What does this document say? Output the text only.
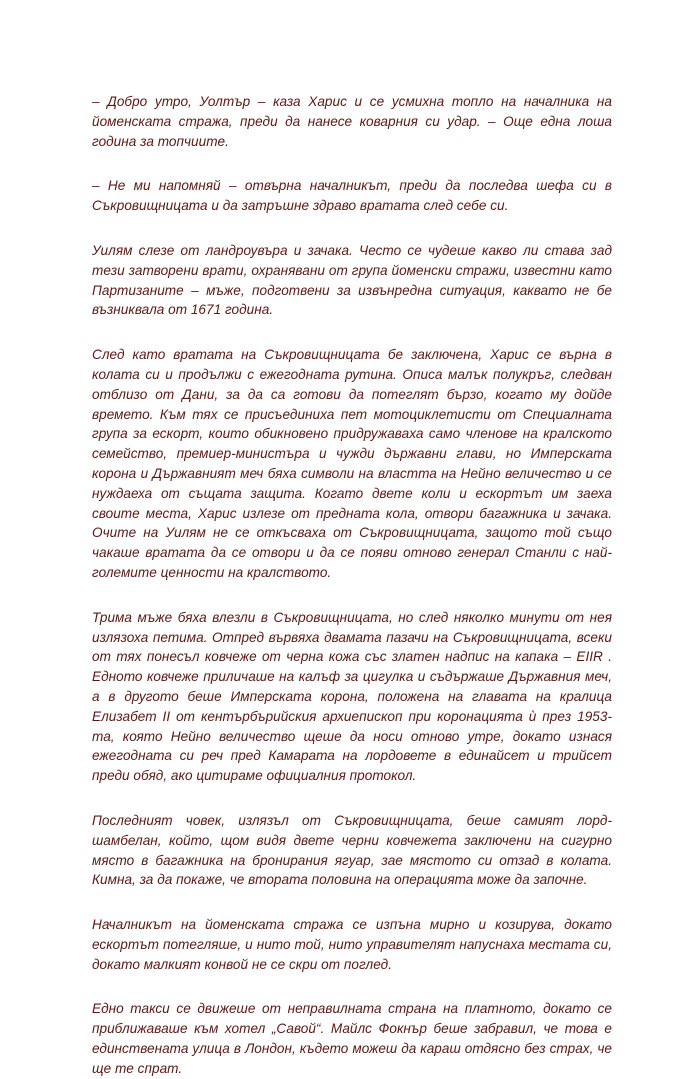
– Добро утро, Уолтър – каза Харис и се усмихна топло на началника на йоменската стража, преди да нанесе коварния си удар. – Още една лоша година за топчиите.

– Не ми напомняй – отвърна началникът, преди да последва шефа си в Съкровищницата и да затръшне здраво вратата след себе си.

Уилям слезе от ландроувъра и зачака. Често се чудеше какво ли става зад тези затворени врати, охранявани от група йоменски стражи, известни като Партизаните – мъже, подготвени за извънредна ситуация, каквато не бе възниквала от 1671 година.

След като вратата на Съкровищницата бе заключена, Харис се върна в колата си и продължи с ежегодната рутина. Описа малък полукръг, следван отблизо от Дани, за да са готови да потеглят бързо, когато му дойде времето. Към тях се присъединиха пет мотоциклетисти от Специалната група за ескорт, които обикновено придружаваха само членове на кралското семейство, премиер-министъра и чужди държавни глави, но Имперската корона и Държавният меч бяха символи на властта на Нейно величество и се нуждаеха от същата защита. Когато двете коли и ескортът им заеха своите места, Харис излезе от предната кола, отвори багажника и зачака. Очите на Уилям не се откъсваха от Съкровищницата, защото той също чакаше вратата да се отвори и да се появи отново генерал Станли с най-големите ценности на кралството.

Трима мъже бяха влезли в Съкровищницата, но след няколко минути от нея излязоха петима. Отпред вървяха двамата пазачи на Съкровищницата, всеки от тях понесъл ковчеже от черна кожа със златен надпис на капака – EIIR . Едното ковчеже приличаше на калъф за цигулка и съдържаше Държавния меч, а в другото беше Имперската корона, положена на главата на кралица Елизабет II от кентърбърийския архиепископ при коронацията ѝ през 1953-та, която Нейно величество щеше да носи отново утре, докато изнася ежегодната си реч пред Камарата на лордовете в единайсет и трийсет преди обяд, ако цитираме официалния протокол.

Последният човек, излязъл от Съкровищницата, беше самият лорд-шамбелан, който, щом видя двете черни ковчежета заключени на сигурно място в багажника на бронирания ягуар, зае мястото си отзад в колата. Кимна, за да покаже, че втората половина на операцията може да започне.

Началникът на йоменската стража се изпъна мирно и козирува, докато ескортът потегляше, и нито той, нито управителят напуснаха местата си, докато малкият конвой не се скри от поглед.

Едно такси се движеше от неправилната страна на платното, докато се приближаваше към хотел „Савой“. Майлс Фокнър беше забравил, че това е единствената улица в Лондон, където можеш да караш отдясно без страх, че ще те спрат.
